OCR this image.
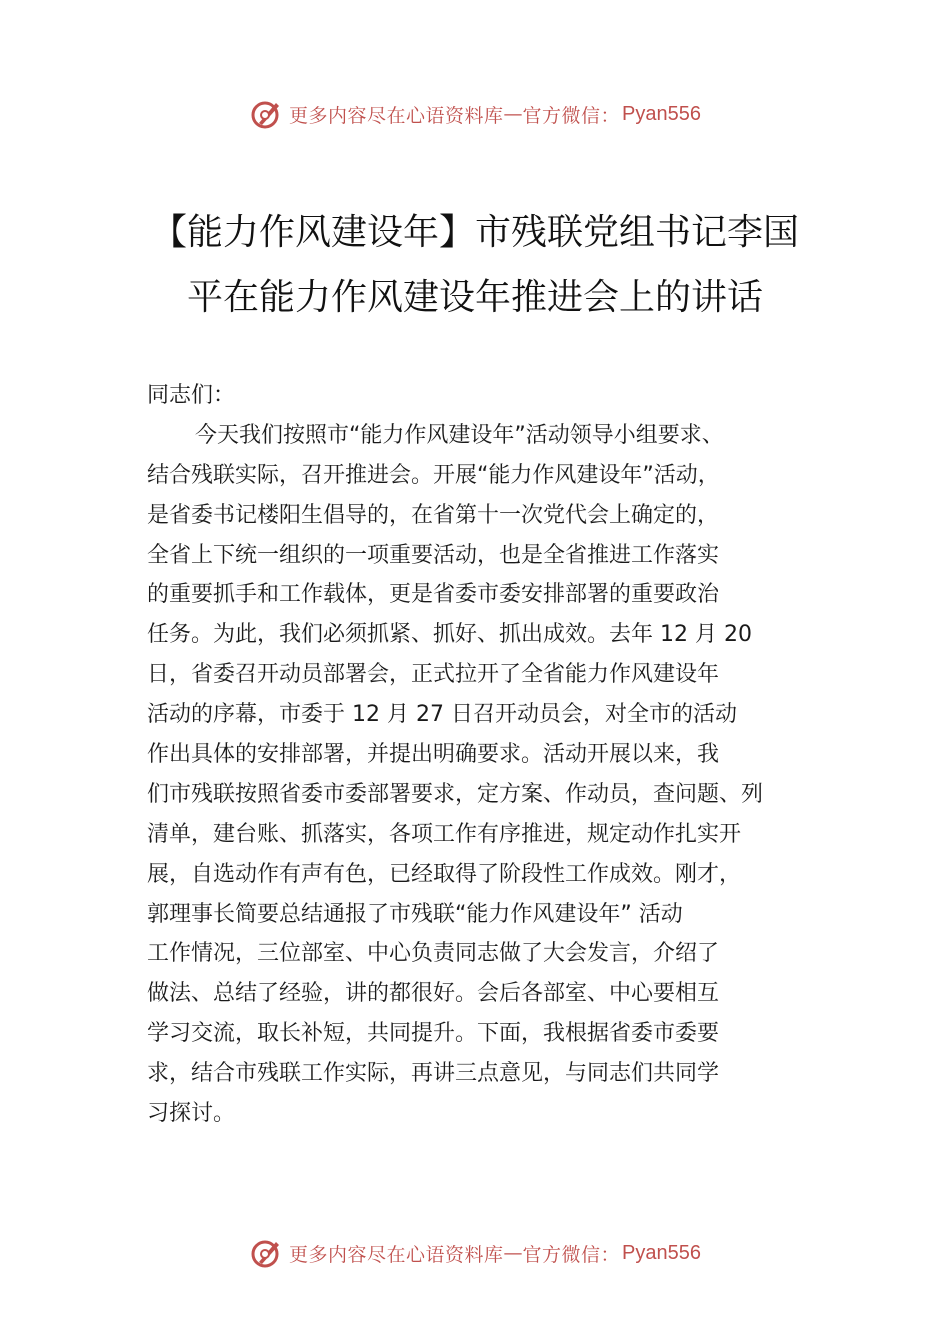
更多内容尽在心语资料库 — 官方微信： Pyan556
【能力作风建设年】市残联党组书记李国
平在能力作风建设年推进会上的讲话
同志们：
今天我们按照市“能力作风建设年”活动领导小组要求、
结合残联实际，召开推进会。开展“能力作风建设年”活动，
是省委书记楼阳生倡导的，在省第十一次党代会上确定的，
全省上下统一组织的一项重要活动，也是全省推进工作落实
的重要抓手和工作载体，更是省委市委安排部署的重要政治
任务。为此，我们必须抓紧、抓好、抓出成效。去年 12 月 20
日，省委召开动员部署会，正式拉开了全省能力作风建设年
活动的序幕，市委于 12 月 27 日召开动员会，对全市的活动
作出具体的安排部署，并提出明确要求。活动开展以来，我
们市残联按照省委市委部署要求，定方案、作动员，查问题、列
清单，建台账、抓落实，各项工作有序推进，规定动作扎实开
展，自选动作有声有色，已经取得了阶段性工作成效。刚才，
郭理事长简要总结通报了市残联“能力作风建设年” 活动
工作情况，三位部室、中心负责同志做了大会发言，介绍了
做法、总结了经验，讲的都很好。会后各部室、中心要相互
学习交流，取长补短，共同提升。下面，我根据省委市委要
求，结合市残联工作实际，再讲三点意见，与同志们共同学
习探讨。
更多内容尽在心语资料库 — 官方微信： Pyan556
